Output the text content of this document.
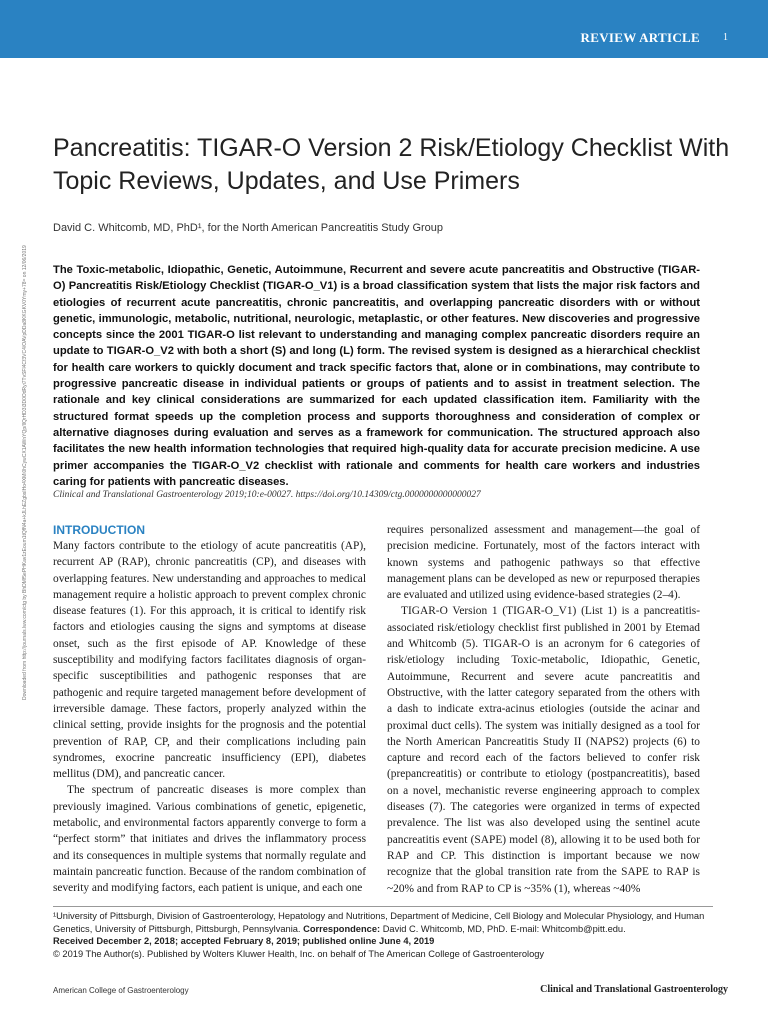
REVIEW ARTICLE 1
Pancreatitis: TIGAR-O Version 2 Risk/Etiology Checklist With Topic Reviews, Updates, and Use Primers
David C. Whitcomb, MD, PhD¹, for the North American Pancreatitis Study Group
The Toxic-metabolic, Idiopathic, Genetic, Autoimmune, Recurrent and severe acute pancreatitis and Obstructive (TIGAR-O) Pancreatitis Risk/Etiology Checklist (TIGAR-O_V1) is a broad classification system that lists the major risk factors and etiologies of recurrent acute pancreatitis, chronic pancreatitis, and overlapping pancreatic disorders with or without genetic, immunologic, metabolic, nutritional, neurologic, metaplastic, or other features. New discoveries and progressive concepts since the 2001 TIGAR-O list relevant to understanding and managing complex pancreatic disorders require an update to TIGAR-O_V2 with both a short (S) and long (L) form. The revised system is designed as a hierarchical checklist for health care workers to quickly document and track specific factors that, alone or in combinations, may contribute to progressive pancreatic disease in individual patients or groups of patients and to assist in treatment selection. The rationale and key clinical considerations are summarized for each updated classification item. Familiarity with the structured format speeds up the completion process and supports thoroughness and consideration of complex or alternative diagnoses during evaluation and serves as a framework for communication. The structured approach also facilitates the new health information technologies that required high-quality data for accurate precision medicine. A use primer accompanies the TIGAR-O_V2 checklist with rationale and comments for health care workers and industries caring for patients with pancreatic diseases.
Clinical and Translational Gastroenterology 2019;10:e-00027. https://doi.org/10.14309/ctg.0000000000000027
Downloaded from http://journals.lww.com/ctg by BhDMf5ePHKav1zEoum1tQfN4a+kJLhEZgbsIHo4XMi0hCywCX1AWnYQp/IlQrHD3i3D0OdRyi7TvSFl4Cf3VC4/OAVpDDa8KKGKV0Ymy+78= on 12/06/2019 INTRODUCTION

Many factors contribute to the etiology of acute pancreatitis (AP), recurrent AP (RAP), chronic pancreatitis (CP), and diseases with overlapping features. New understanding and approaches to medical management require a holistic approach to prevent complex chronic disease features (1). For this approach, it is critical to identify risk factors and etiologies causing the signs and symptoms at disease onset, such as the first episode of AP. Knowledge of these susceptibility and modifying factors facilitates diagnosis of organ-specific susceptibilities and pathogenic responses that are pathogenic and require targeted management before development of irreversible damage. These factors, properly analyzed within the clinical setting, provide insights for the prognosis and the potential prevention of RAP, CP, and their complications including pain syndromes, exocrine pancreatic insufficiency (EPI), diabetes mellitus (DM), and pancreatic cancer.

The spectrum of pancreatic diseases is more complex than previously imagined. Various combinations of genetic, epigenetic, metabolic, and environmental factors apparently converge to form a “perfect storm” that initiates and drives the inflammatory process and its consequences in multiple systems that normally regulate and maintain pancreatic function. Because of the random combination of severity and modifying factors, each patient is unique, and each one

requires personalized assessment and management—the goal of precision medicine. Fortunately, most of the factors interact with known systems and pathogenic pathways so that effective management plans can be developed as new or repurposed therapies are evaluated and utilized using evidence-based strategies (2–4).

TIGAR-O Version 1 (TIGAR-O_V1) (List 1) is a pancreatitis-associated risk/etiology checklist first published in 2001 by Etemad and Whitcomb (5). TIGAR-O is an acronym for 6 categories of risk/etiology including Toxic-metabolic, Idiopathic, Genetic, Autoimmune, Recurrent and severe acute pancreatitis and Obstructive, with the latter category separated from the others with a dash to indicate extra-acinus etiologies (outside the acinar and proximal duct cells). The system was initially designed as a tool for the North American Pancreatitis Study II (NAPS2) projects (6) to capture and record each of the factors believed to confer risk (prepancreatitis) or contribute to etiology (postpancreatitis), based on a novel, mechanistic reverse engineering approach to complex diseases (7). The categories were organized in terms of expected prevalence. The list was also developed using the sentinel acute pancreatitis event (SAPE) model (8), allowing it to be used both for RAP and CP. This distinction is important because we now recognize that the global transition rate from the SAPE to RAP is ~20% and from RAP to CP is ~35% (1), whereas ~40%

¹University of Pittsburgh, Division of Gastroenterology, Hepatology and Nutritions, Department of Medicine, Cell Biology and Molecular Physiology, and Human Genetics, University of Pittsburgh, Pittsburgh, Pennsylvania. Correspondence: David C. Whitcomb, MD, PhD. E-mail: Whitcomb@pitt.edu.

Received December 2, 2018; accepted February 8, 2019; published online June 4, 2019

© 2019 The Author(s). Published by Wolters Kluwer Health, Inc. on behalf of The American College of Gastroenterology

American College of Gastroenterology	Clinical and Translational Gastroenterology
